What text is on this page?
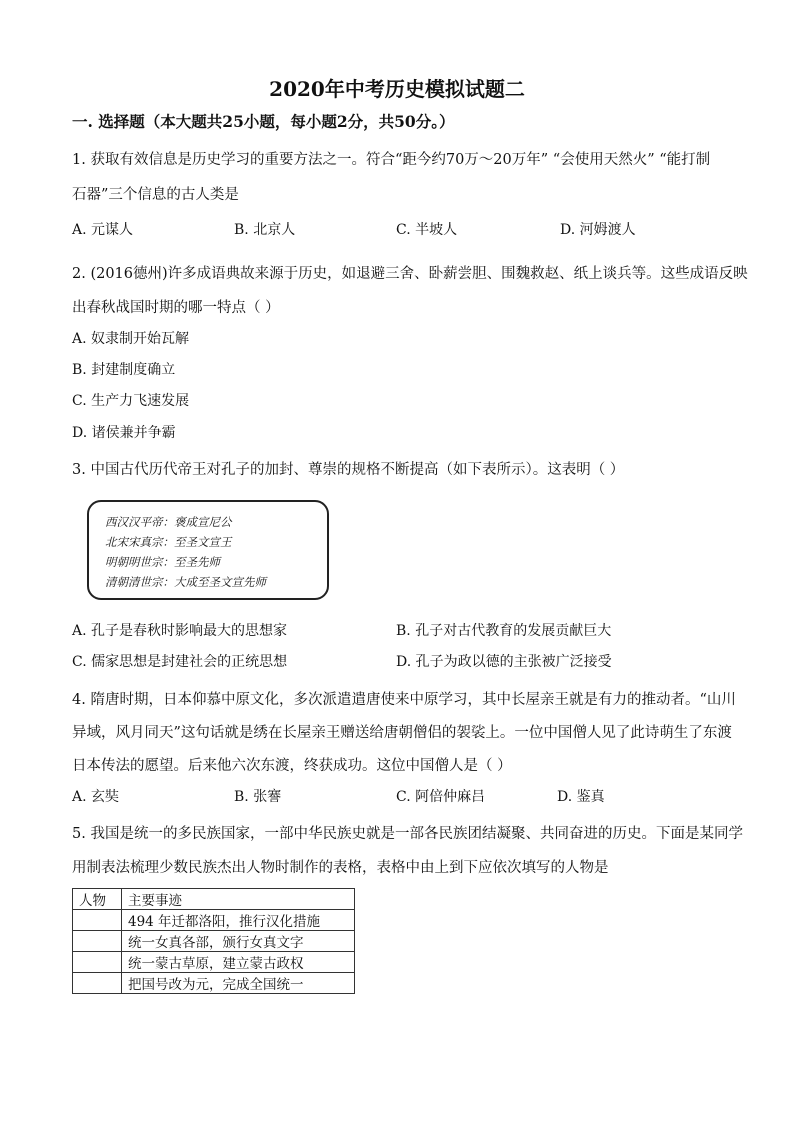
2020年中考历史模拟试题二
一. 选择题（本大题共25小题，每小题2分，共50分。）
1. 获取有效信息是历史学习的重要方法之一。符合“距今约70万～20万年” “会使用天然火” “能打制
石器”三个信息的古人类是
A. 元谋人	B. 北京人	C. 半坡人	D. 河姆渡人
2. (2016德州)许多成语典故来源于历史，如退避三舍、卧薪尝胆、围魏救赵、纸上谈兵等。这些成语反映
出春秋战国时期的哪一特点（ ）
A. 奴隶制开始瓦解
B. 封建制度确立
C. 生产力飞速发展
D. 诸侯兼并争霸
3. 中国古代历代帝王对孔子的加封、尊崇的规格不断提高（如下表所示）。这表明（ ）
西汉汉平帝：褒成宣尼公
北宋宋真宗：至圣文宣王
明朝明世宗：至圣先师
清朝清世宗：大成至圣文宣先师
A. 孔子是春秋时影响最大的思想家	B. 孔子对古代教育的发展贡献巨大
C. 儒家思想是封建社会的正统思想	D. 孔子为政以德的主张被广泛接受
4. 隋唐时期，日本仰慕中原文化，多次派遣遣唐使来中原学习，其中长屋亲王就是有力的推动者。“山川
异域，风月同天”这句话就是绣在长屋亲王赠送给唐朝僧侣的袈裟上。一位中国僧人见了此诗萌生了东渡
日本传法的愿望。后来他六次东渡，终获成功。这位中国僧人是（ ）
A. 玄奘	B. 张謇	C. 阿倍仲麻吕	D. 鉴真
5. 我国是统一的多民族国家，一部中华民族史就是一部各民族团结凝聚、共同奋进的历史。下面是某同学
用制表法梳理少数民族杰出人物时制作的表格，表格中由上到下应依次填写的人物是
人物	主要事迹
	494 年迁都洛阳，推行汉化措施
	统一女真各部，颁行女真文字
	统一蒙古草原，建立蒙古政权
	把国号改为元，完成全国统一
